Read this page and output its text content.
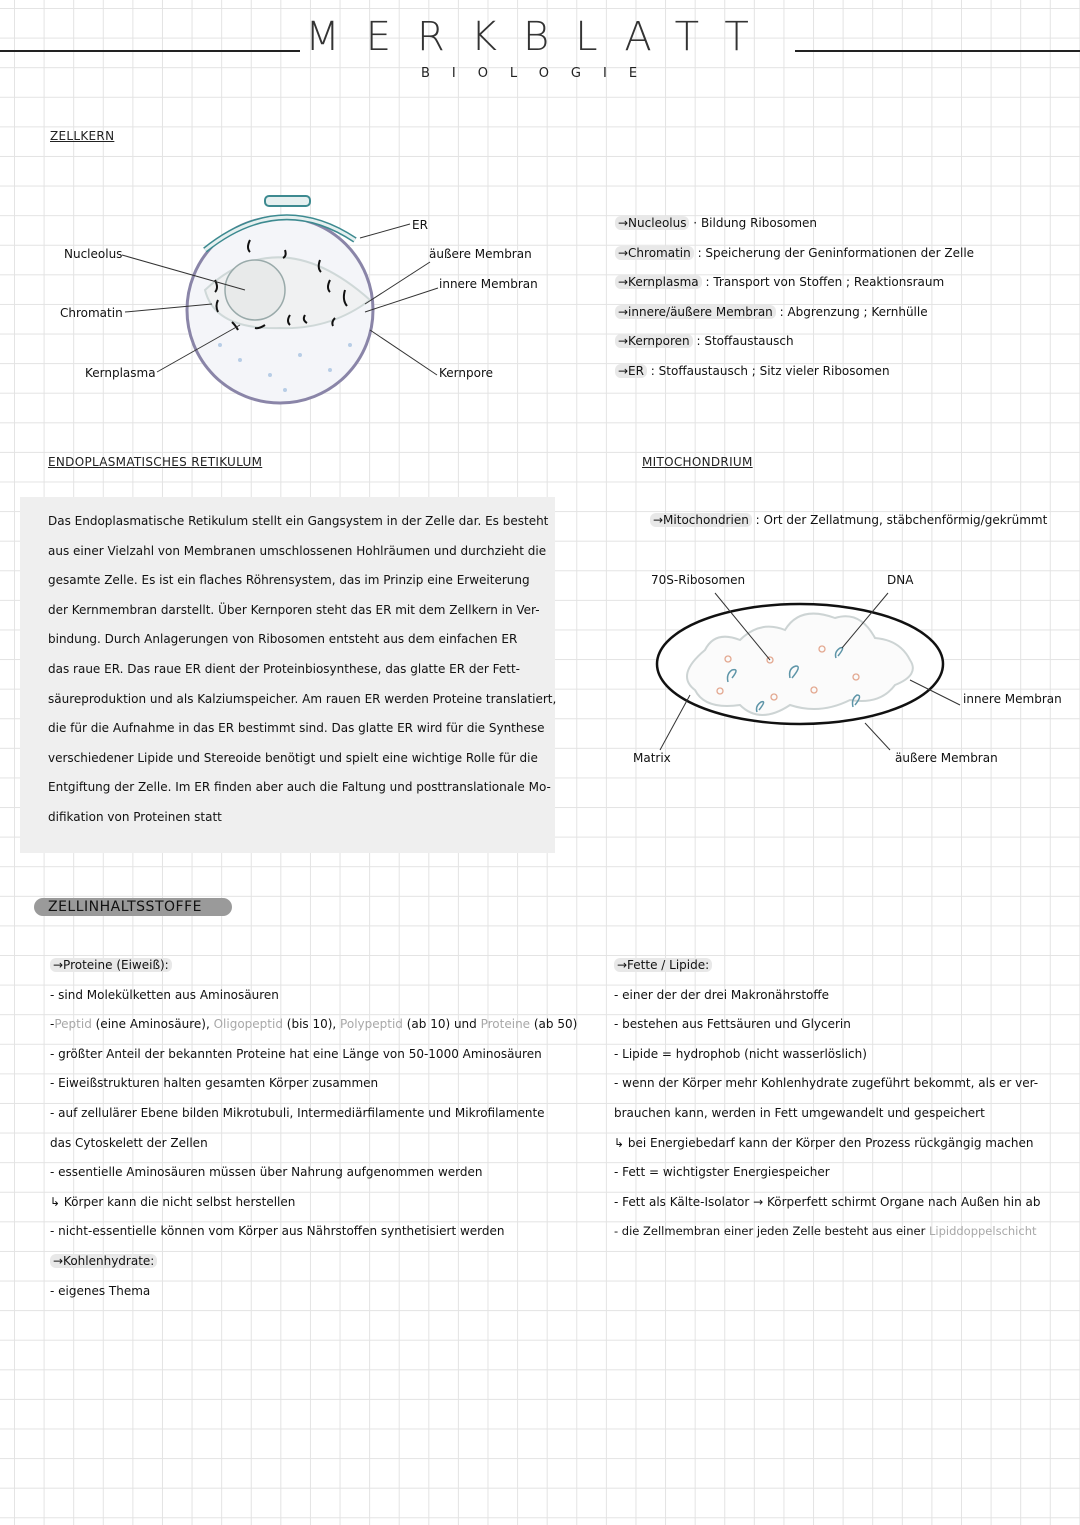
MERKBLATT
BIOLOGIE
ZELLKERN
Nucleolus
Chromatin
Kernplasma
ER
äußere Membran
innere Membran
Kernpore
→Nucleolus · Bildung Ribosomen
→Chromatin : Speicherung der Geninformationen der Zelle
→Kernplasma : Transport von Stoffen ; Reaktionsraum
→innere/äußere Membran : Abgrenzung ; Kernhülle
→Kernporen : Stoffaustausch
→ER : Stoffaustausch ; Sitz vieler Ribosomen
ENDOPLASMATISCHES RETIKULUM

Das Endoplasmatische Retikulum stellt ein Gangsystem in der Zelle dar. Es besteht

aus einer Vielzahl von Membranen umschlossenen Hohlräumen und durchzieht die

gesamte Zelle. Es ist ein flaches Röhrensystem, das im Prinzip eine Erweiterung

der Kernmembran darstellt. Über Kernporen steht das ER mit dem Zellkern in Ver-

bindung. Durch Anlagerungen von Ribosomen entsteht aus dem einfachen ER

das raue ER. Das raue ER dient der Proteinbiosynthese, das glatte ER der Fett-

säureproduktion und als Kalziumspeicher. Am rauen ER werden Proteine translatiert,

die für die Aufnahme in das ER bestimmt sind. Das glatte ER wird für die Synthese

verschiedener Lipide und Stereoide benötigt und spielt eine wichtige Rolle für die

Entgiftung der Zelle. Im ER finden aber auch die Faltung und posttranslationale Mo-

difikation von Proteinen statt

MITOCHONDRIUM
→Mitochondrien : Ort der Zellatmung, stäbchenförmig/gekrümmt
70S-Ribosomen	DNA
innere Membran
Matrix	äußere Membran
ZELLINHALTSSTOFFE
→Proteine (Eiweiß):
- sind Molekülketten aus Aminosäuren
-Peptid (eine Aminosäure), Oligopeptid (bis 10), Polypeptid (ab 10) und Proteine (ab 50)
- größter Anteil der bekannten Proteine hat eine Länge von 50-1000 Aminosäuren
- Eiweißstrukturen halten gesamten Körper zusammen
- auf zellulärer Ebene bilden Mikrotubuli, Intermediärfilamente und Mikrofilamente
das Cytoskelett der Zellen
- essentielle Aminosäuren müssen über Nahrung aufgenommen werden
↳ Körper kann die nicht selbst herstellen
- nicht-essentielle können vom Körper aus Nährstoffen synthetisiert werden
→Kohlenhydrate:
- eigenes Thema
→Fette / Lipide:
- einer der der drei Makronährstoffe
- bestehen aus Fettsäuren und Glycerin
- Lipide = hydrophob (nicht wasserlöslich)
- wenn der Körper mehr Kohlenhydrate zugeführt bekommt, als er ver-
brauchen kann, werden in Fett umgewandelt und gespeichert
↳ bei Energiebedarf kann der Körper den Prozess rückgängig machen
- Fett = wichtigster Energiespeicher
- Fett als Kälte-Isolator → Körperfett schirmt Organe nach Außen hin ab
- die Zellmembran einer jeden Zelle besteht aus einer Lipiddoppelschicht
